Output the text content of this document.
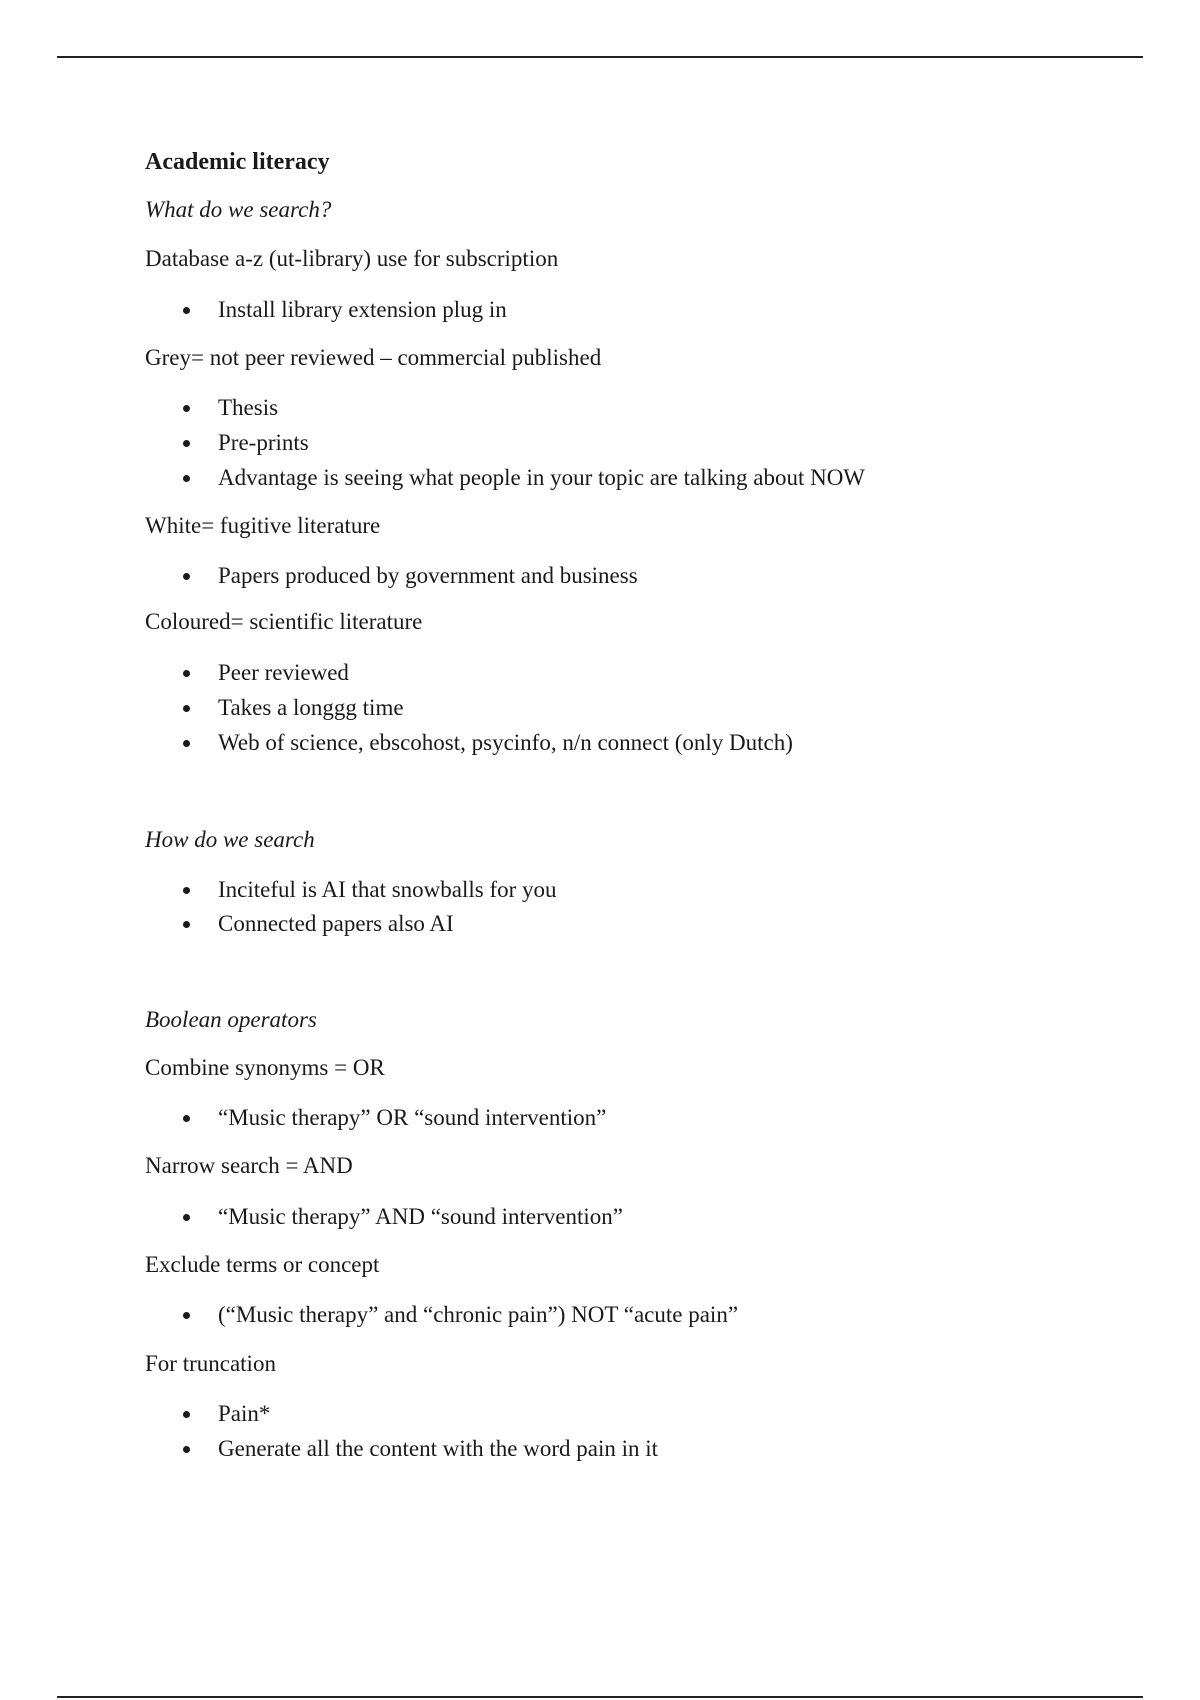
Academic literacy
What do we search?
Database a-z (ut-library) use for subscription
Install library extension plug in
Grey= not peer reviewed – commercial published
Thesis
Pre-prints
Advantage is seeing what people in your topic are talking about NOW
White= fugitive literature
Papers produced by government and business
Coloured= scientific literature
Peer reviewed
Takes a longgg time
Web of science, ebscohost, psycinfo, n/n connect (only Dutch)
How do we search
Inciteful is AI that snowballs for you
Connected papers also AI
Boolean operators
Combine synonyms = OR
“Music therapy” OR “sound intervention”
Narrow search = AND
“Music therapy” AND “sound intervention”
Exclude terms or concept
(“Music therapy” and “chronic pain”) NOT “acute pain”
For truncation
Pain*
Generate all the content with the word pain in it
